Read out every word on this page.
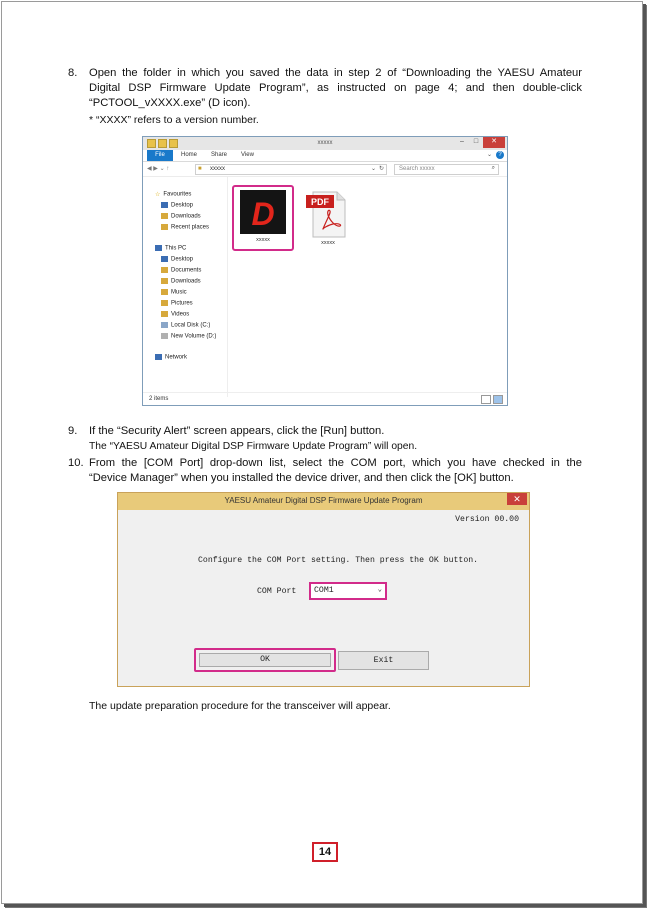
8. Open the folder in which you saved the data in step 2 of “Downloading the YAESU Amateur
Digital DSP Firmware Update Program”, as instructed on page 4; and then double-click
“PCTOOL_vXXXX.exe” (D icon).
* “XXXX” refers to a version number.
xxxxx	–	□	✕
File	Home Share View	⌄	?
◀ ▶ ⌄ ↑	■ xxxxx	⌄ ↻	Search xxxxx	⌕
☆ Favourites
Desktop
Downloads
Recent places
This PC
Desktop
Documents
Downloads
Music
Pictures
Videos
Local Disk (C:)
New Volume (D:)
Network
D
xxxxx
PDF
xxxxx
2 items
9. If the “Security Alert” screen appears, click the [Run] button.
The “YAESU Amateur Digital DSP Firmware Update Program” will open.
10. From the [COM Port] drop-down list, select the COM port, which you have checked in the
“Device Manager” when you installed the device driver, and then click the [OK] button.
YAESU Amateur Digital DSP Firmware Update Program	✕
Version 00.00
Configure the COM Port setting. Then press the OK button.
COM Port COM1	⌄
OK	Exit
The update preparation procedure for the transceiver will appear.
14
